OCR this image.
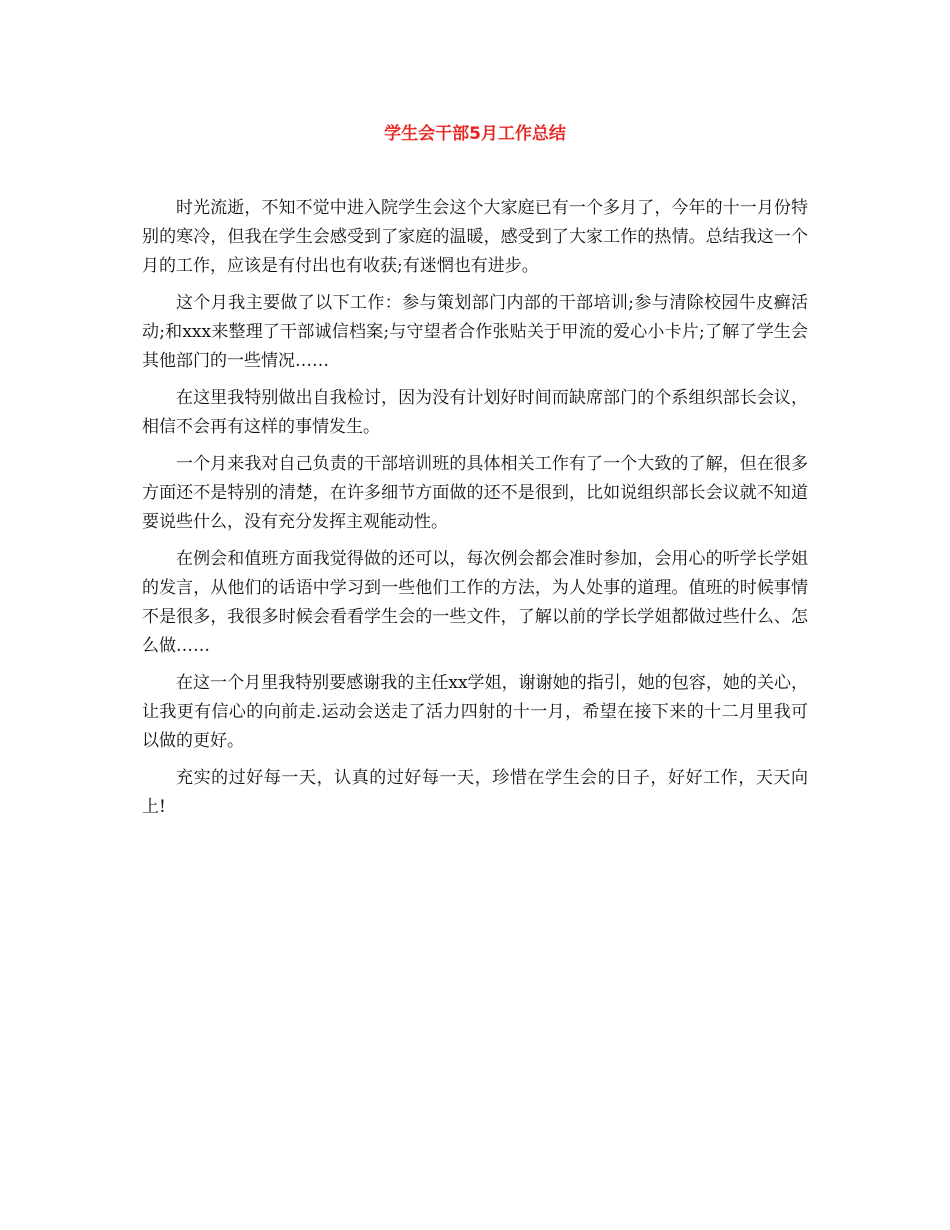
学生会干部5月工作总结

时光流逝，不知不觉中进入院学生会这个大家庭已有一个多月了，今年的十一月份特别的寒冷，但我在学生会感受到了家庭的温暖，感受到了大家工作的热情。总结我这一个月的工作，应该是有付出也有收获;有迷惘也有进步。

这个月我主要做了以下工作：参与策划部门内部的干部培训;参与清除校园牛皮癣活动;和xxx来整理了干部诚信档案;与守望者合作张贴关于甲流的爱心小卡片;了解了学生会其他部门的一些情况……

在这里我特别做出自我检讨，因为没有计划好时间而缺席部门的个系组织部长会议，相信不会再有这样的事情发生。

一个月来我对自己负责的干部培训班的具体相关工作有了一个大致的了解，但在很多方面还不是特别的清楚，在许多细节方面做的还不是很到，比如说组织部长会议就不知道要说些什么，没有充分发挥主观能动性。

在例会和值班方面我觉得做的还可以，每次例会都会准时参加，会用心的听学长学姐的发言，从他们的话语中学习到一些他们工作的方法，为人处事的道理。值班的时候事情不是很多，我很多时候会看看学生会的一些文件，了解以前的学长学姐都做过些什么、怎么做……

在这一个月里我特别要感谢我的主任xx学姐，谢谢她的指引，她的包容，她的关心，让我更有信心的向前走.运动会送走了活力四射的十一月，希望在接下来的十二月里我可以做的更好。

充实的过好每一天，认真的过好每一天，珍惜在学生会的日子，好好工作，天天向上!
